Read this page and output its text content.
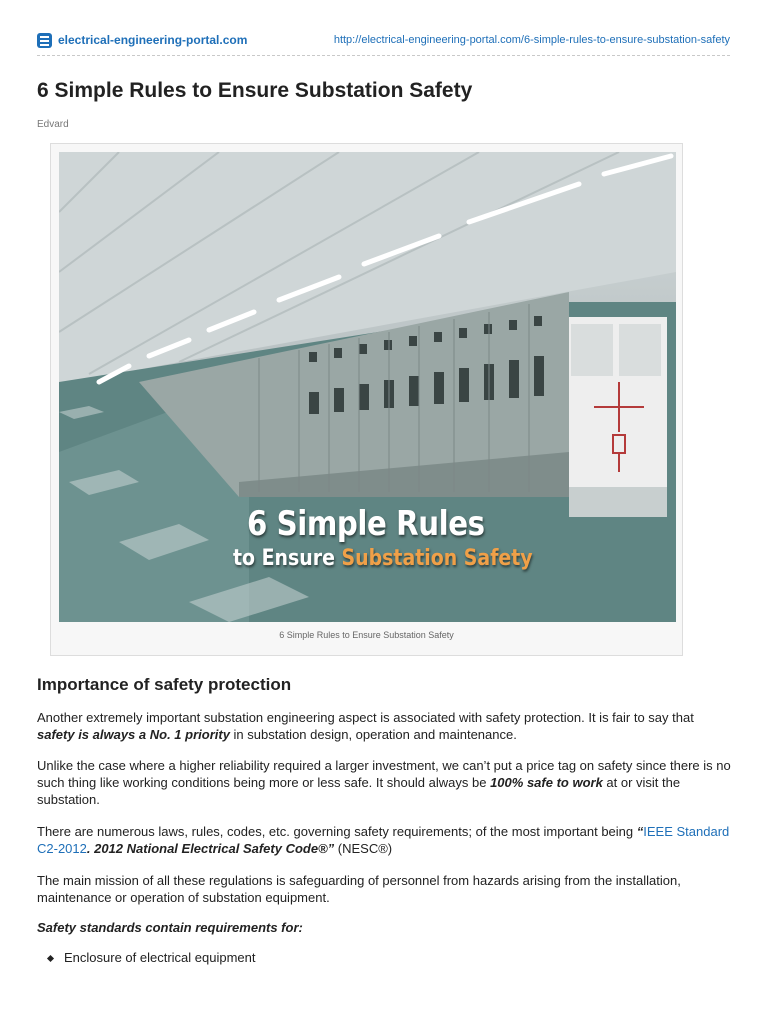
electrical-engineering-portal.com	http://electrical-engineering-portal.com/6-simple-rules-to-ensure-substation-safety
6 Simple Rules to Ensure Substation Safety
Edvard
6 Simple Rules
to Ensure Substation Safety
6 Simple Rules to Ensure Substation Safety
Importance of safety protection

Another extremely important substation engineering aspect is associated with safety protection. It is fair to say that safety is always a No. 1 priority in substation design, operation and maintenance.

Unlike the case where a higher reliability required a larger investment, we can’t put a price tag on safety since there is no such thing like working conditions being more or less safe. It should always be 100% safe to work at or visit the substation.

There are numerous laws, rules, codes, etc. governing safety requirements; of the most important being “IEEE Standard C2-2012. 2012 National Electrical Safety Code®” (NESC®)

The main mission of all these regulations is safeguarding of personnel from hazards arising from the installation, maintenance or operation of substation equipment.

Safety standards contain requirements for:

Enclosure of electrical equipment
